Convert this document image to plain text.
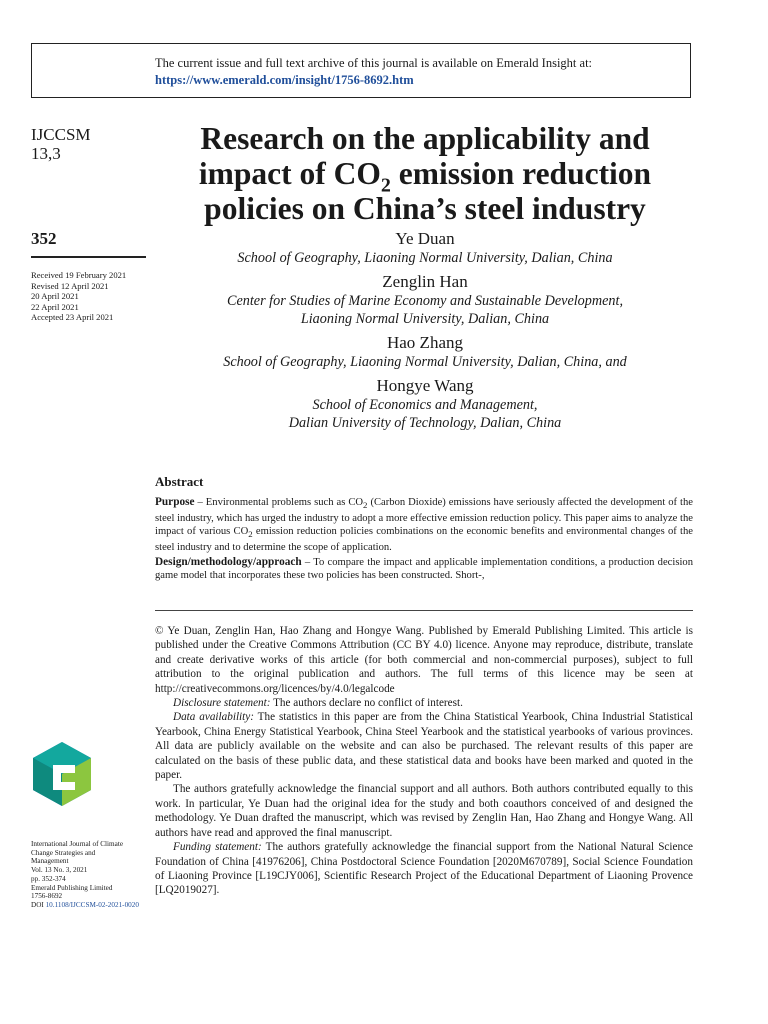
The current issue and full text archive of this journal is available on Emerald Insight at:
https://www.emerald.com/insight/1756-8692.htm
IJCCSM
13,3
352
Received 19 February 2021
Revised 12 April 2021
20 April 2021
22 April 2021
Accepted 23 April 2021
Research on the applicability and
impact of $CO_2$ emission reduction
policies on China’s steel industry
Ye Duan
School of Geography, Liaoning Normal University, Dalian, China
Zenglin Han
Center for Studies of Marine Economy and Sustainable Development,
Liaoning Normal University, Dalian, China
Hao Zhang
School of Geography, Liaoning Normal University, Dalian, China, and
Hongye Wang
School of Economics and Management,
Dalian University of Technology, Dalian, China
Abstract

Purpose – Environmental problems such as $CO_2$ (Carbon Dioxide) emissions have seriously affected the development of the steel industry, which has urged the industry to adopt a more effective emission reduction policy. This paper aims to analyze the impact of various $CO_2$ emission reduction policies combinations on the economic benefits and environmental changes of the steel industry and to determine the scope of application.

Design/methodology/approach – To compare the impact and applicable implementation conditions, a production decision game model that incorporates these two policies has been constructed. Short-,

© Ye Duan, Zenglin Han, Hao Zhang and Hongye Wang. Published by Emerald Publishing Limited. This article is published under the Creative Commons Attribution (CC BY 4.0) licence. Anyone may reproduce, distribute, translate and create derivative works of this article (for both commercial and non-commercial purposes), subject to full attribution to the original publication and authors. The full terms of this licence may be seen at http://creativecommons.org/licences/by/4.0/legalcode

Disclosure statement: The authors declare no conflict of interest.

Data availability: The statistics in this paper are from the China Statistical Yearbook, China Industrial Statistical Yearbook, China Energy Statistical Yearbook, China Steel Yearbook and the statistical yearbooks of various provinces. All data are publicly available on the website and can also be purchased. The relevant results of this paper are calculated on the basis of these public data, and these statistical data and books have been marked and quoted in the paper.

The authors gratefully acknowledge the financial support and all authors. Both authors contributed equally to this work. In particular, Ye Duan had the original idea for the study and both coauthors conceived of and designed the methodology. Ye Duan drafted the manuscript, which was revised by Zenglin Han, Hao Zhang and Hongye Wang. All authors have read and approved the final manuscript.

Funding statement: The authors gratefully acknowledge the financial support from the National Natural Science Foundation of China [41976206], China Postdoctoral Science Foundation [2020M670789], Social Science Foundation of Liaoning Province [L19CJY006], Scientific Research Project of the Educational Department of Liaoning Provence [LQ2019027].

International Journal of Climate
Change Strategies and
Management
Vol. 13 No. 3, 2021
pp. 352-374
Emerald Publishing Limited
1756-8692
DOI 10.1108/IJCCSM-02-2021-0020
